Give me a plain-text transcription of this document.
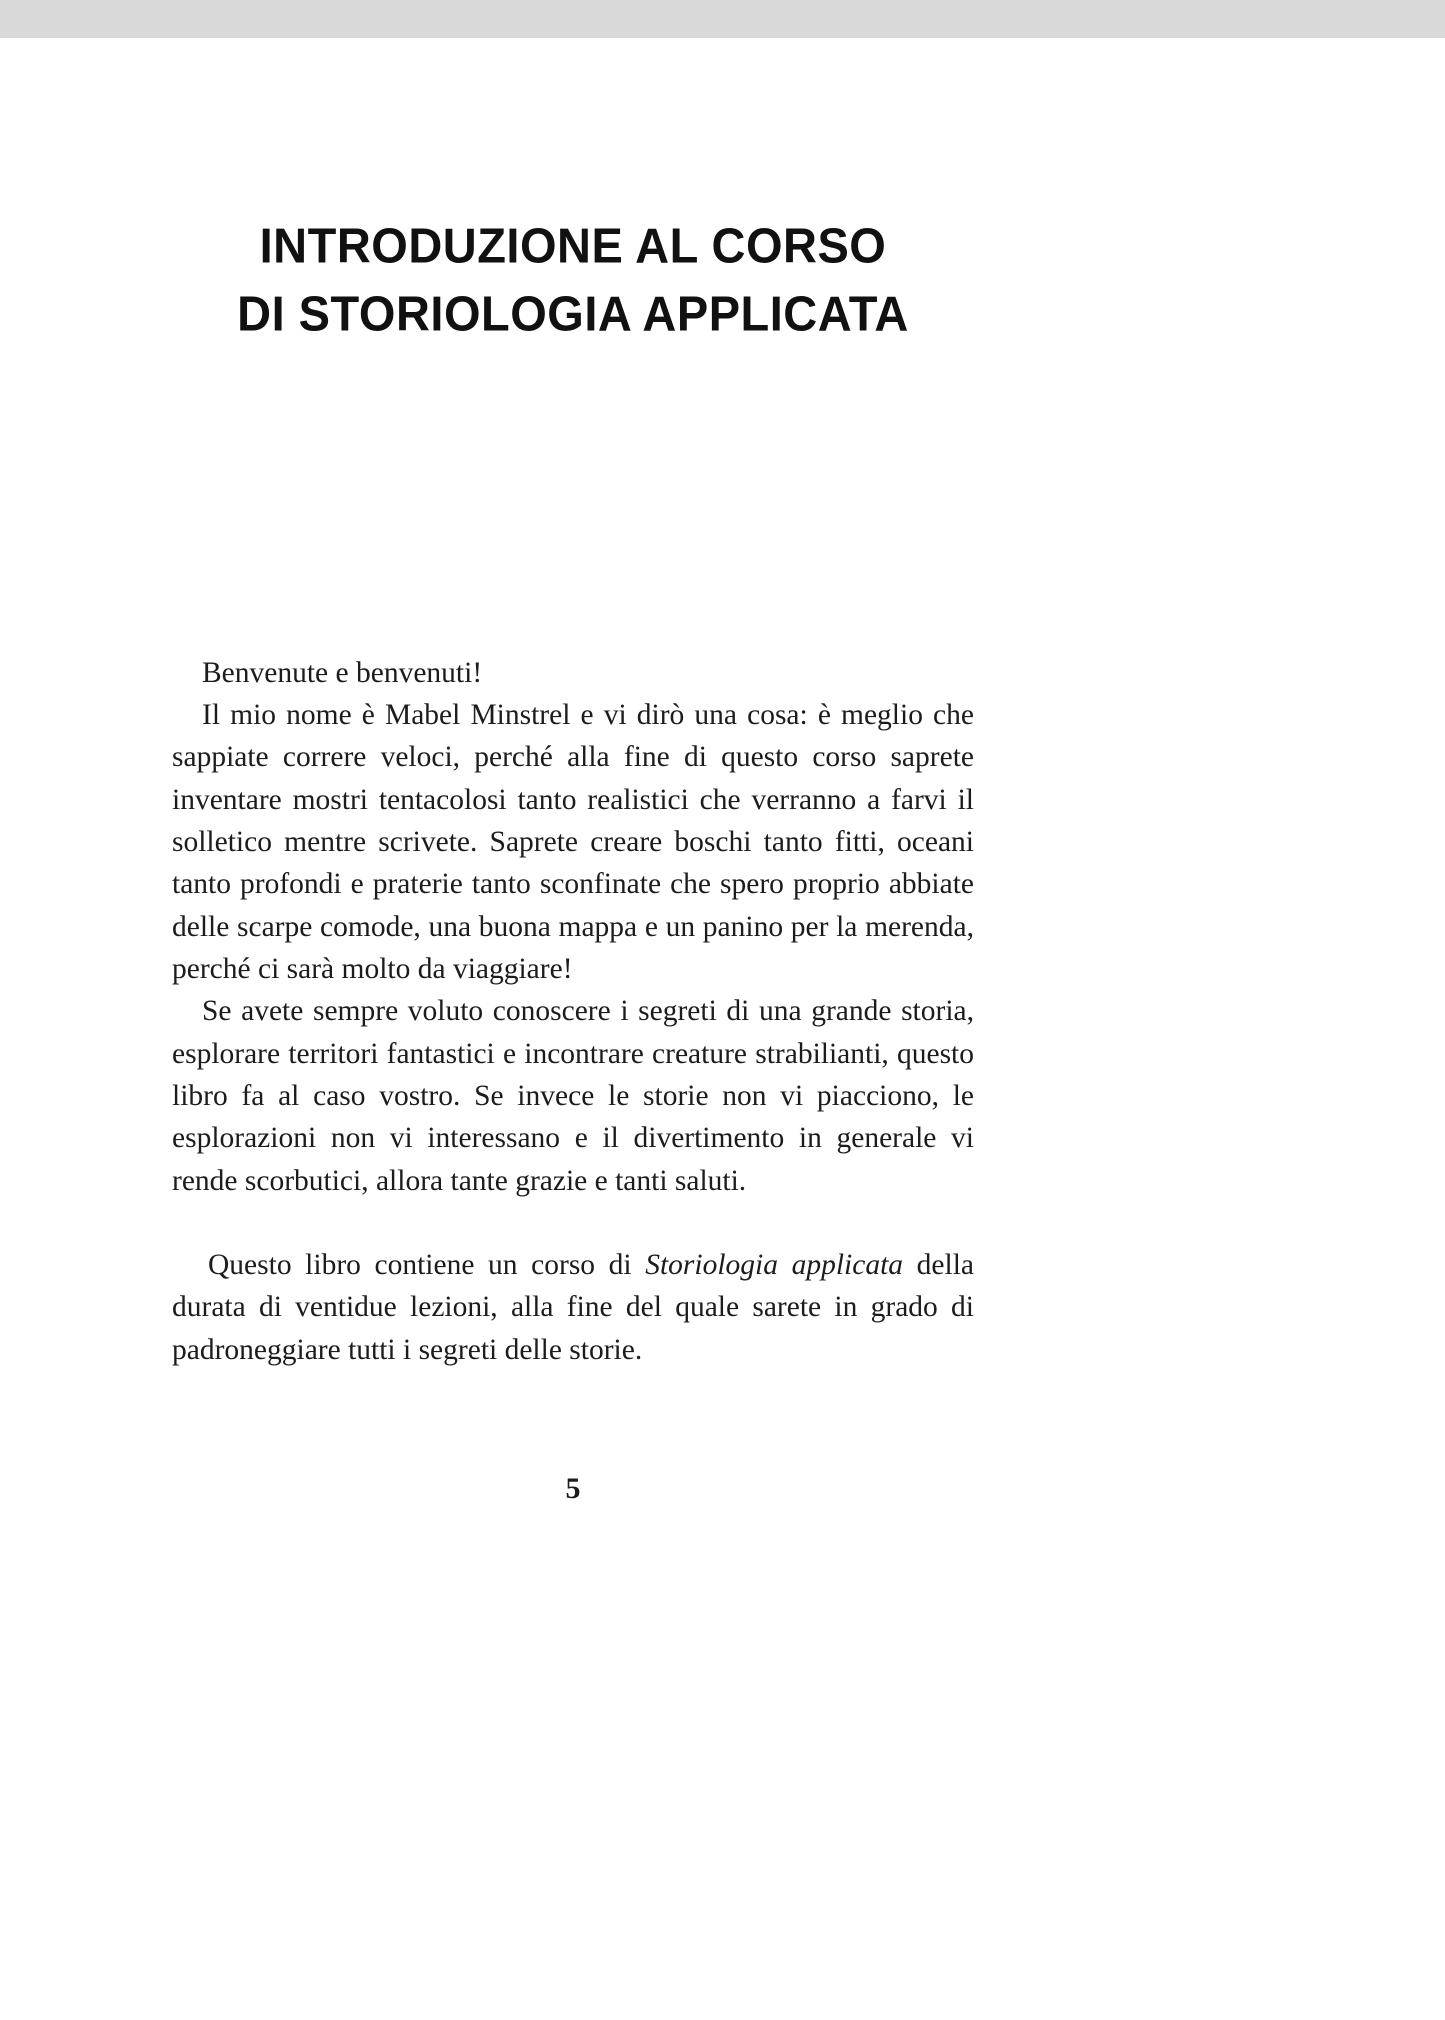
INTRODUZIONE AL CORSO
DI STORIOLOGIA APPLICATA

Benvenute e benvenuti!

Il mio nome è Mabel Minstrel e vi dirò una cosa: è meglio che sappiate correre veloci, perché alla fine di questo corso saprete inventare mostri tentacolosi tanto realistici che verranno a farvi il solletico mentre scrivete. Saprete creare boschi tanto fitti, oceani tanto profondi e praterie tanto sconfinate che spero proprio abbiate delle scarpe comode, una buona mappa e un panino per la merenda, perché ci sarà molto da viaggiare!

Se avete sempre voluto conoscere i segreti di una grande storia, esplorare territori fantastici e incontrare creature strabilianti, questo libro fa al caso vostro. Se invece le storie non vi piacciono, le esplorazioni non vi interessano e il divertimento in generale vi rende scorbutici, allora tante grazie e tanti saluti.

Questo libro contiene un corso di Storiologia applicata della durata di ventidue lezioni, alla fine del quale sarete in grado di padroneggiare tutti i segreti delle storie.

5
